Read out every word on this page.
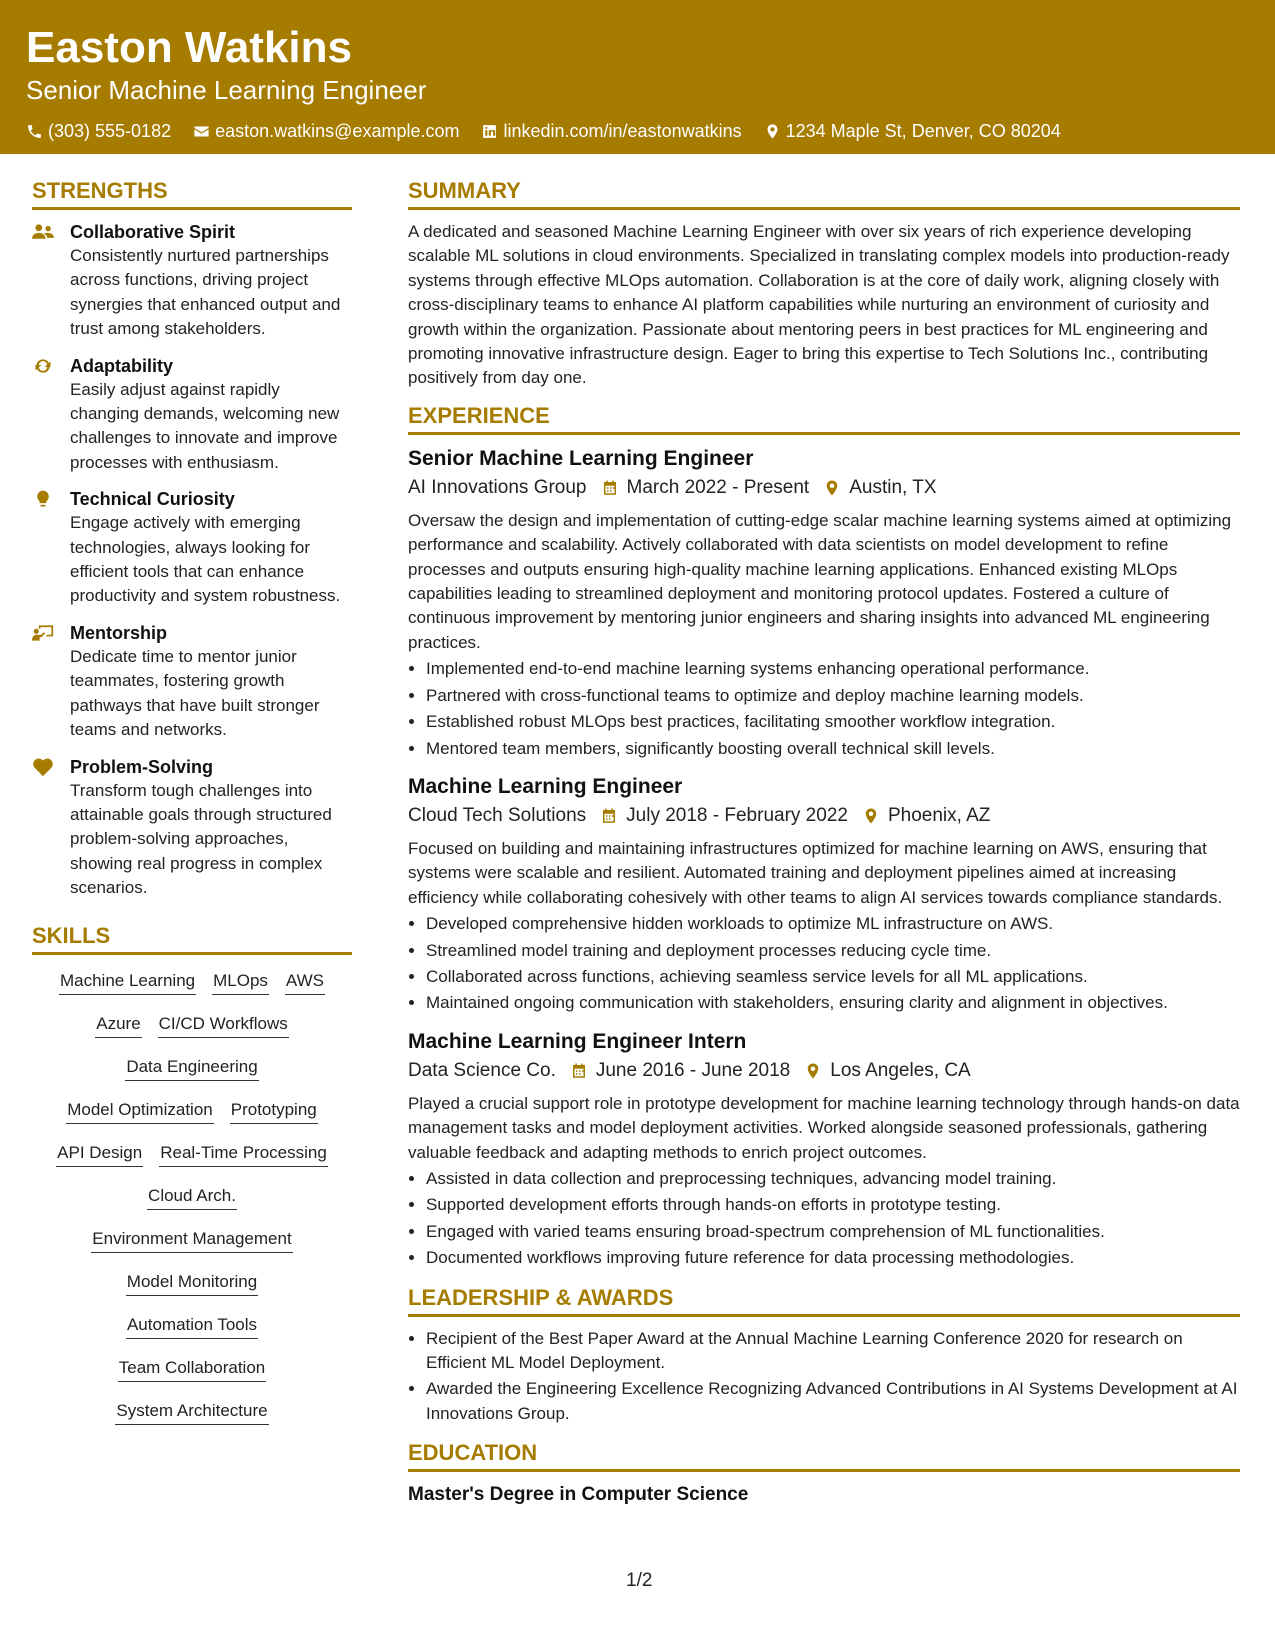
Easton Watkins
Senior Machine Learning Engineer
(303) 555-0182 easton.watkins@example.com linkedin.com/in/eastonwatkins 1234 Maple St, Denver, CO 80204
STRENGTHS
Collaborative Spirit
Consistently nurtured partnerships across functions, driving project synergies that enhanced output and trust among stakeholders.
Adaptability
Easily adjust against rapidly changing demands, welcoming new challenges to innovate and improve processes with enthusiasm.
Technical Curiosity
Engage actively with emerging technologies, always looking for efficient tools that can enhance productivity and system robustness.
Mentorship
Dedicate time to mentor junior teammates, fostering growth pathways that have built stronger teams and networks.
Problem-Solving
Transform tough challenges into attainable goals through structured problem-solving approaches, showing real progress in complex scenarios.
SKILLS
Machine Learning MLOps AWS
Azure CI/CD Workflows
Data Engineering
Model Optimization Prototyping
API Design Real-Time Processing
Cloud Arch.
Environment Management
Model Monitoring
Automation Tools
Team Collaboration
System Architecture
SUMMARY
A dedicated and seasoned Machine Learning Engineer with over six years of rich experience developing scalable ML solutions in cloud environments. Specialized in translating complex models into production-ready systems through effective MLOps automation. Collaboration is at the core of daily work, aligning closely with cross-disciplinary teams to enhance AI platform capabilities while nurturing an environment of curiosity and growth within the organization. Passionate about mentoring peers in best practices for ML engineering and promoting innovative infrastructure design. Eager to bring this expertise to Tech Solutions Inc., contributing positively from day one.
EXPERIENCE
Senior Machine Learning Engineer
AI Innovations Group March 2022 - Present Austin, TX
Oversaw the design and implementation of cutting-edge scalar machine learning systems aimed at optimizing performance and scalability. Actively collaborated with data scientists on model development to refine processes and outputs ensuring high-quality machine learning applications. Enhanced existing MLOps capabilities leading to streamlined deployment and monitoring protocol updates. Fostered a culture of continuous improvement by mentoring junior engineers and sharing insights into advanced ML engineering practices.
• Implemented end-to-end machine learning systems enhancing operational performance.
• Partnered with cross-functional teams to optimize and deploy machine learning models.
• Established robust MLOps best practices, facilitating smoother workflow integration.
• Mentored team members, significantly boosting overall technical skill levels.
Machine Learning Engineer
Cloud Tech Solutions July 2018 - February 2022 Phoenix, AZ
Focused on building and maintaining infrastructures optimized for machine learning on AWS, ensuring that systems were scalable and resilient. Automated training and deployment pipelines aimed at increasing efficiency while collaborating cohesively with other teams to align AI services towards compliance standards.
• Developed comprehensive hidden workloads to optimize ML infrastructure on AWS.
• Streamlined model training and deployment processes reducing cycle time.
• Collaborated across functions, achieving seamless service levels for all ML applications.
• Maintained ongoing communication with stakeholders, ensuring clarity and alignment in objectives.
Machine Learning Engineer Intern
Data Science Co. June 2016 - June 2018 Los Angeles, CA
Played a crucial support role in prototype development for machine learning technology through hands-on data management tasks and model deployment activities. Worked alongside seasoned professionals, gathering valuable feedback and adapting methods to enrich project outcomes.
• Assisted in data collection and preprocessing techniques, advancing model training.
• Supported development efforts through hands-on efforts in prototype testing.
• Engaged with varied teams ensuring broad-spectrum comprehension of ML functionalities.
• Documented workflows improving future reference for data processing methodologies.
LEADERSHIP & AWARDS
• Recipient of the Best Paper Award at the Annual Machine Learning Conference 2020 for research on Efficient ML Model Deployment.
• Awarded the Engineering Excellence Recognizing Advanced Contributions in AI Systems Development at AI Innovations Group.
EDUCATION
Master's Degree in Computer Science
1/2
